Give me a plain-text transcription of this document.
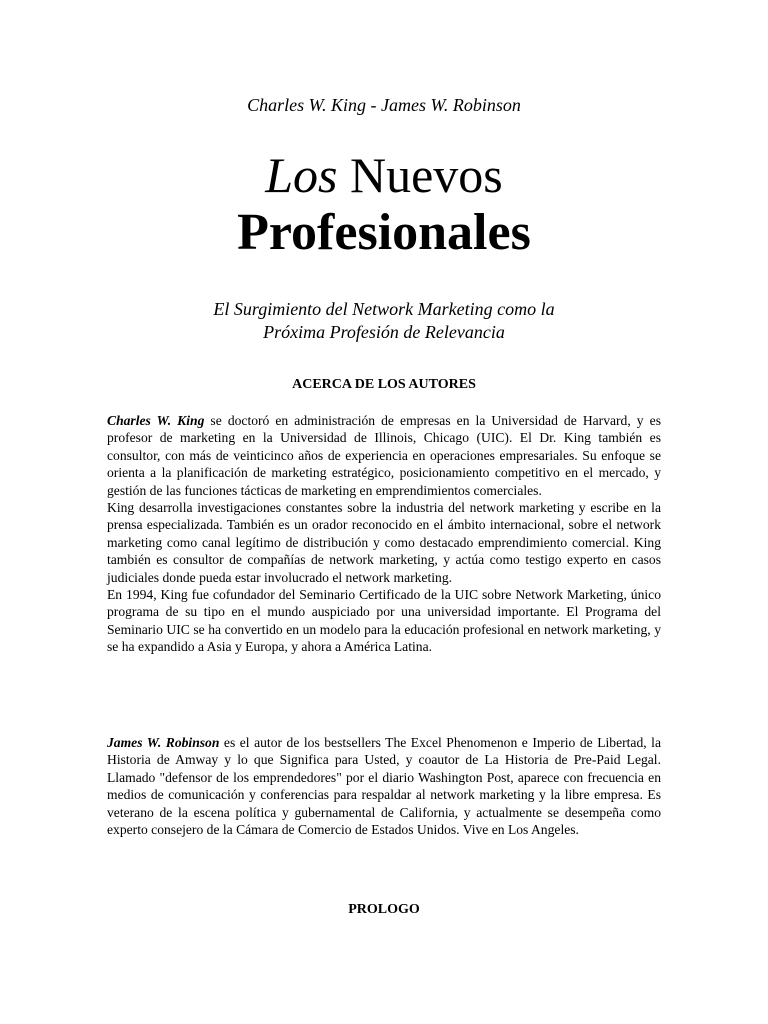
Charles W. King - James W. Robinson
Los Nuevos
Profesionales
El Surgimiento del Network Marketing como la
Próxima Profesión de Relevancia
ACERCA DE LOS AUTORES

Charles W. King se doctoró en administración de empresas en la Universidad de Harvard, y es profesor de marketing en la Universidad de Illinois, Chicago (UIC). El Dr. King también es consultor, con más de veinticinco años de experiencia en operaciones empresariales. Su enfoque se orienta a la planificación de marketing estratégico, posicionamiento competitivo en el mercado, y gestión de las funciones tácticas de marketing en emprendimientos comerciales.

King desarrolla investigaciones constantes sobre la industria del network marketing y escribe en la prensa especializada. También es un orador reconocido en el ámbito internacional, sobre el network marketing como canal legítimo de distribución y como destacado emprendimiento comercial. King también es consultor de compañías de network marketing, y actúa como testigo experto en casos judiciales donde pueda estar involucrado el network marketing.

En 1994, King fue cofundador del Seminario Certificado de la UIC sobre Network Marketing, único programa de su tipo en el mundo auspiciado por una universidad importante. El Programa del Seminario UIC se ha convertido en un modelo para la educación profesional en network marketing, y se ha expandido a Asia y Europa, y ahora a América Latina.

James W. Robinson es el autor de los bestsellers The Excel Phenomenon e Imperio de Libertad, la Historia de Amway y lo que Significa para Usted, y coautor de La Historia de Pre-Paid Legal. Llamado "defensor de los emprendedores" por el diario Washington Post, aparece con frecuencia en medios de comunicación y conferencias para respaldar al network marketing y la libre empresa. Es veterano de la escena política y gubernamental de California, y actualmente se desempeña como experto consejero de la Cámara de Comercio de Estados Unidos. Vive en Los Angeles.

PROLOGO
